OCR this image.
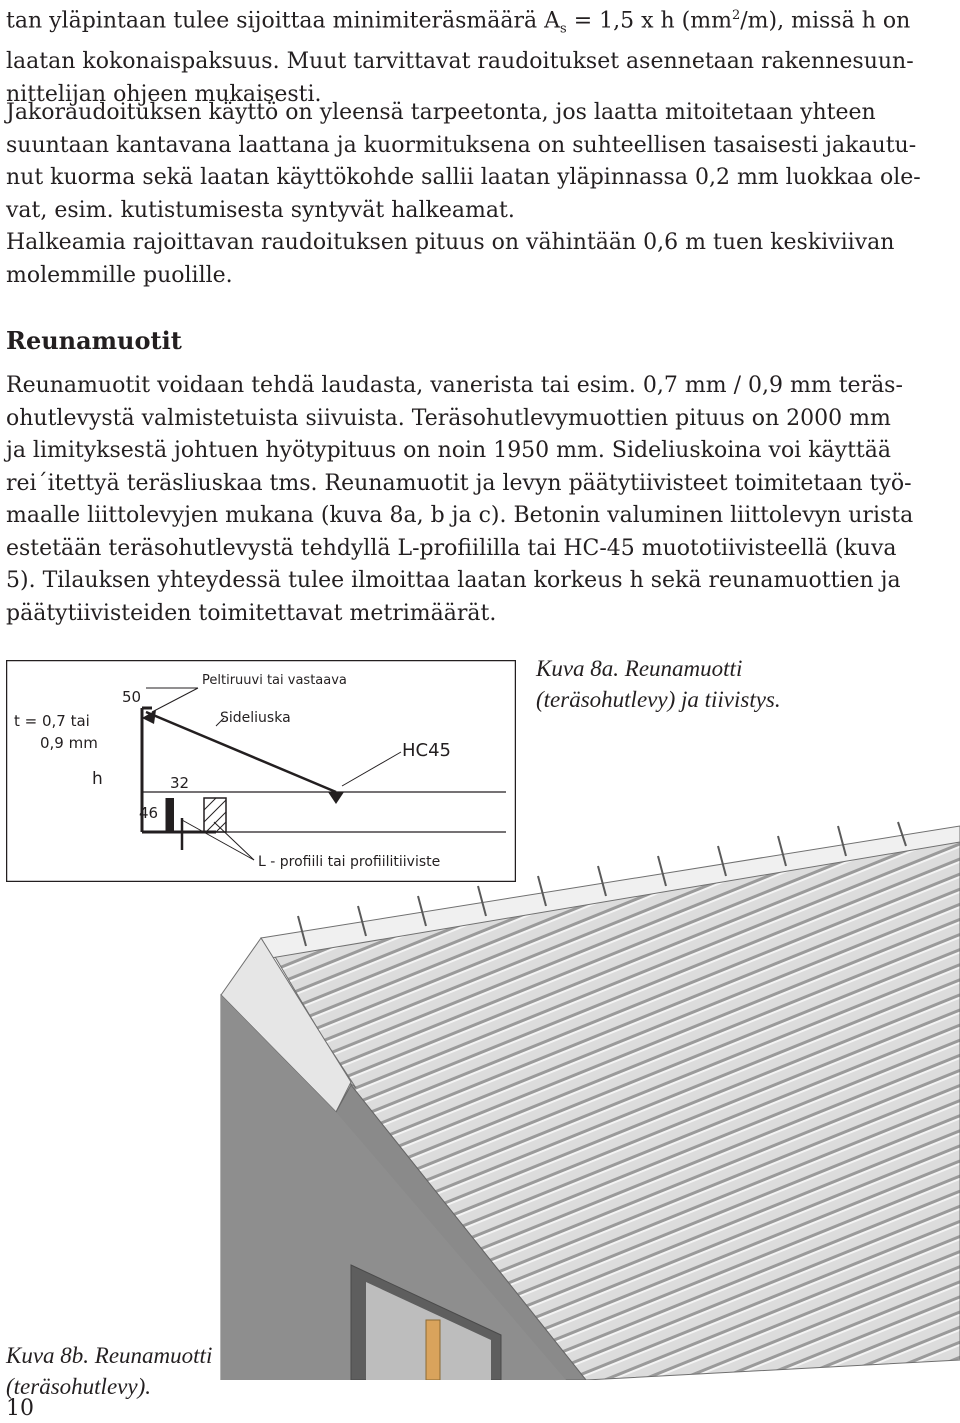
tan yläpintaan tulee sijoittaa minimiteräsmäärä $A_s = 1,5$ x h $(mm^2/m)$, missä h on
laatan kokonaispaksuus. Muut tarvittavat raudoitukset asennetaan rakennesuun-
nittelijan ohjeen mukaisesti.
Jakoraudoituksen käyttö on yleensä tarpeetonta, jos laatta mitoitetaan yhteen
suuntaan kantavana laattana ja kuormituksena on suhteellisen tasaisesti jakautu-
nut kuorma sekä laatan käyttökohde sallii laatan yläpinnassa 0,2 mm luokkaa ole-
vat, esim. kutistumisesta syntyvät halkeamat.
Halkeamia rajoittavan raudoituksen pituus on vähintään 0,6 m tuen keskiviivan
molemmille puolille.
Reunamuotit
Reunamuotit voidaan tehdä laudasta, vanerista tai esim. 0,7 mm / 0,9 mm teräs-
ohutlevystä valmistetuista siivuista. Teräsohutlevymuottien pituus on 2000 mm
ja limityksestä johtuen hyötypituus on noin 1950 mm. Sideliuskoina voi käyttää
rei´itettyä teräsliuskaa tms. Reunamuotit ja levyn päätytiivisteet toimitetaan työ-
maalle liittolevyjen mukana (kuva 8a, b ja c). Betonin valuminen liittolevyn urista
estetään teräsohutlevystä tehdyllä L-profiililla tai HC-45 muototiivisteellä (kuva
5). Tilauksen yhteydessä tulee ilmoittaa laatan korkeus h sekä reunamuottien ja
päätytiivisteiden toimitettavat metrimäärät.
t = 0,7 tai
0,9 mm
50
h	32
46
Peltiruuvi tai vastaava
Sideliuska
HC45
L - profiili tai profiilitiiviste
Kuva 8a. Reunamuotti
(teräsohutlevy) ja tiivistys.
Kuva 8b. Reunamuotti
(teräsohutlevy).
10
